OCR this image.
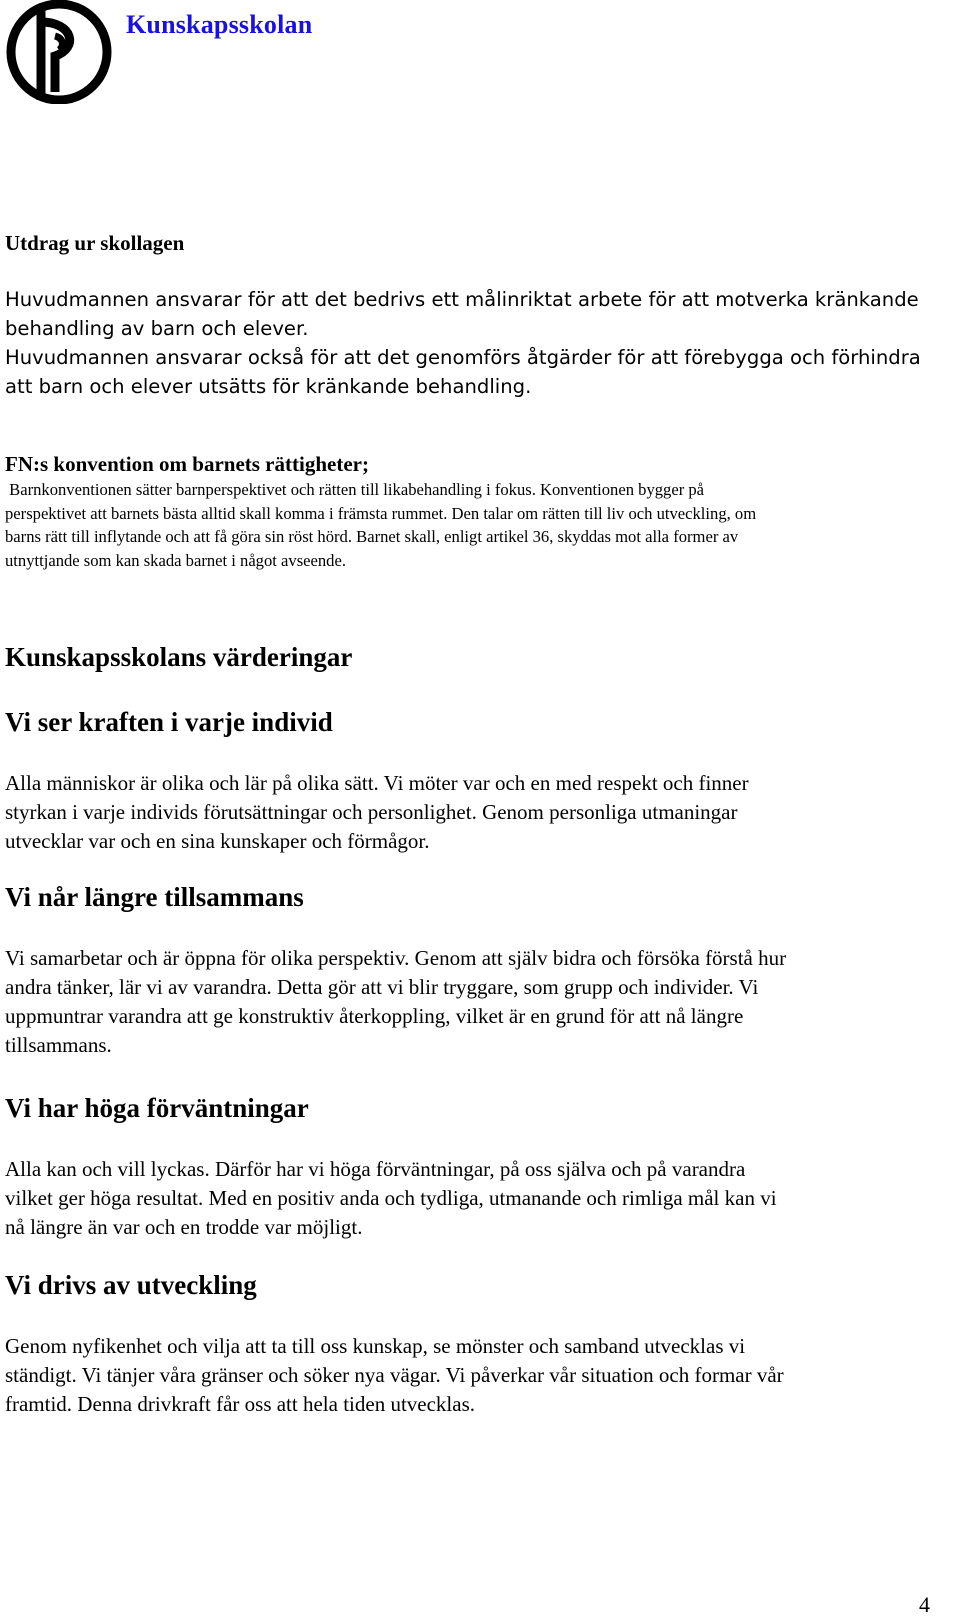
Kunskapsskolan
Utdrag ur skollagen

Huvudmannen ansvarar för att det bedrivs ett målinriktat arbete för att motverka kränkande

behandling av barn och elever.

Huvudmannen ansvarar också för att det genomförs åtgärder för att förebygga och förhindra

att barn och elever utsätts för kränkande behandling.

FN:s konvention om barnets rättigheter;

Barnkonventionen sätter barnperspektivet och rätten till likabehandling i fokus. Konventionen bygger på

perspektivet att barnets bästa alltid skall komma i främsta rummet. Den talar om rätten till liv och utveckling, om

barns rätt till inflytande och att få göra sin röst hörd. Barnet skall, enligt artikel 36, skyddas mot alla former av

utnyttjande som kan skada barnet i något avseende.

Kunskapsskolans värderingar
Vi ser kraften i varje individ

Alla människor är olika och lär på olika sätt. Vi möter var och en med respekt och finner

styrkan i varje individs förutsättningar och personlighet. Genom personliga utmaningar

utvecklar var och en sina kunskaper och förmågor.

Vi når längre tillsammans

Vi samarbetar och är öppna för olika perspektiv. Genom att själv bidra och försöka förstå hur

andra tänker, lär vi av varandra. Detta gör att vi blir tryggare, som grupp och individer. Vi

uppmuntrar varandra att ge konstruktiv återkoppling, vilket är en grund för att nå längre

tillsammans.

Vi har höga förväntningar

Alla kan och vill lyckas. Därför har vi höga förväntningar, på oss själva och på varandra

vilket ger höga resultat. Med en positiv anda och tydliga, utmanande och rimliga mål kan vi

nå längre än var och en trodde var möjligt.

Vi drivs av utveckling

Genom nyfikenhet och vilja att ta till oss kunskap, se mönster och samband utvecklas vi

ständigt. Vi tänjer våra gränser och söker nya vägar. Vi påverkar vår situation och formar vår

framtid. Denna drivkraft får oss att hela tiden utvecklas.

4
